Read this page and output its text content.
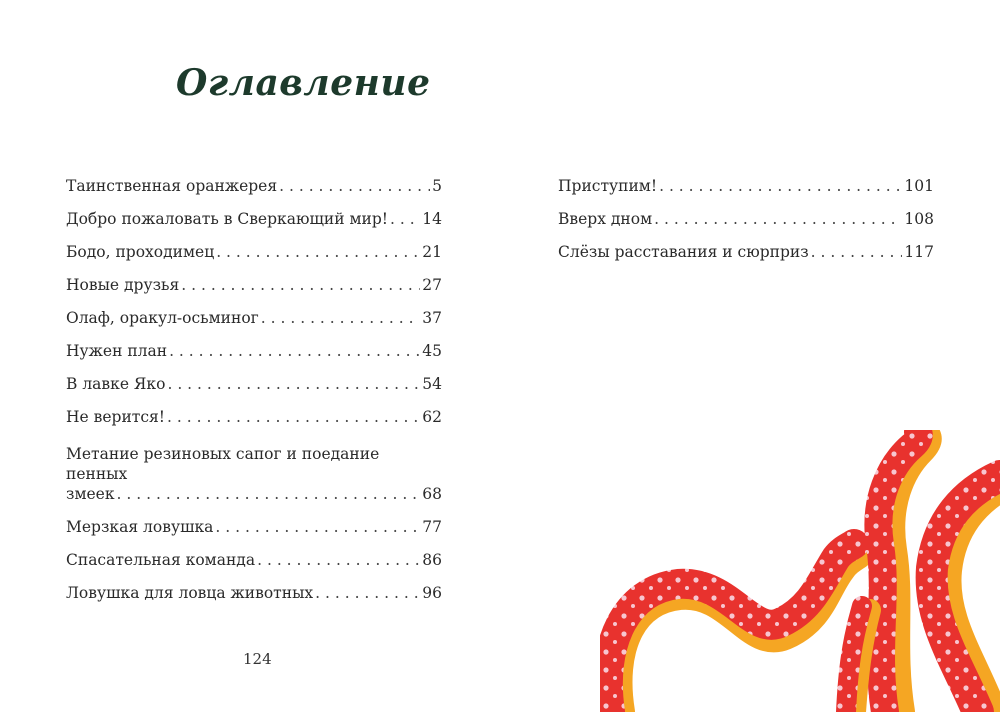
Оглавление
Таинственная оранжерея . . .	5
Добро пожаловать в Сверкающий мир! . . . 14
Бодо, проходимец . . .	21
Новые друзья . . .	27
Олаф, оракул-осьминог . . .	37
Нужен план . . .	45
В лавке Яко . . .	54
Не верится! . . .	62
Метание резиновых сапог и поедание пенных
змеек . . .	68
Мерзкая ловушка . . .	77
Спасательная команда . . .	86
Ловушка для ловца животных . . .	96
Приступим! . . .	101
Вверх дном . . .	108
Слёзы расставания и сюрприз . . .	117
124
